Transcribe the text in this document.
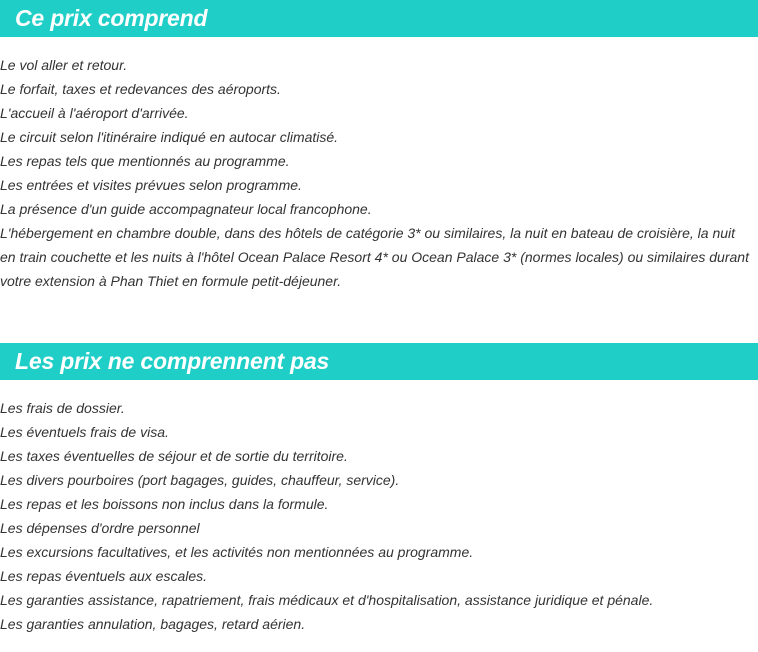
Ce prix comprend
Le vol aller et retour.
Le forfait, taxes et redevances des aéroports.
L'accueil à l'aéroport d'arrivée.
Le circuit selon l'itinéraire indiqué en autocar climatisé.
Les repas tels que mentionnés au programme.
Les entrées et visites prévues selon programme.
La présence d'un guide accompagnateur local francophone.
L'hébergement en chambre double, dans des hôtels de catégorie 3* ou similaires, la nuit en bateau de croisière, la nuit en train couchette et les nuits à l'hôtel Ocean Palace Resort 4* ou Ocean Palace 3* (normes locales) ou similaires durant votre extension à Phan Thiet en formule petit-déjeuner.
Les prix ne comprennent pas
Les frais de dossier.
Les éventuels frais de visa.
Les taxes éventuelles de séjour et de sortie du territoire.
Les divers pourboires (port bagages, guides, chauffeur, service).
Les repas et les boissons non inclus dans la formule.
Les dépenses d'ordre personnel
Les excursions facultatives, et les activités non mentionnées au programme.
Les repas éventuels aux escales.
Les garanties assistance, rapatriement, frais médicaux et d'hospitalisation, assistance juridique et pénale.
Les garanties annulation, bagages, retard aérien.
